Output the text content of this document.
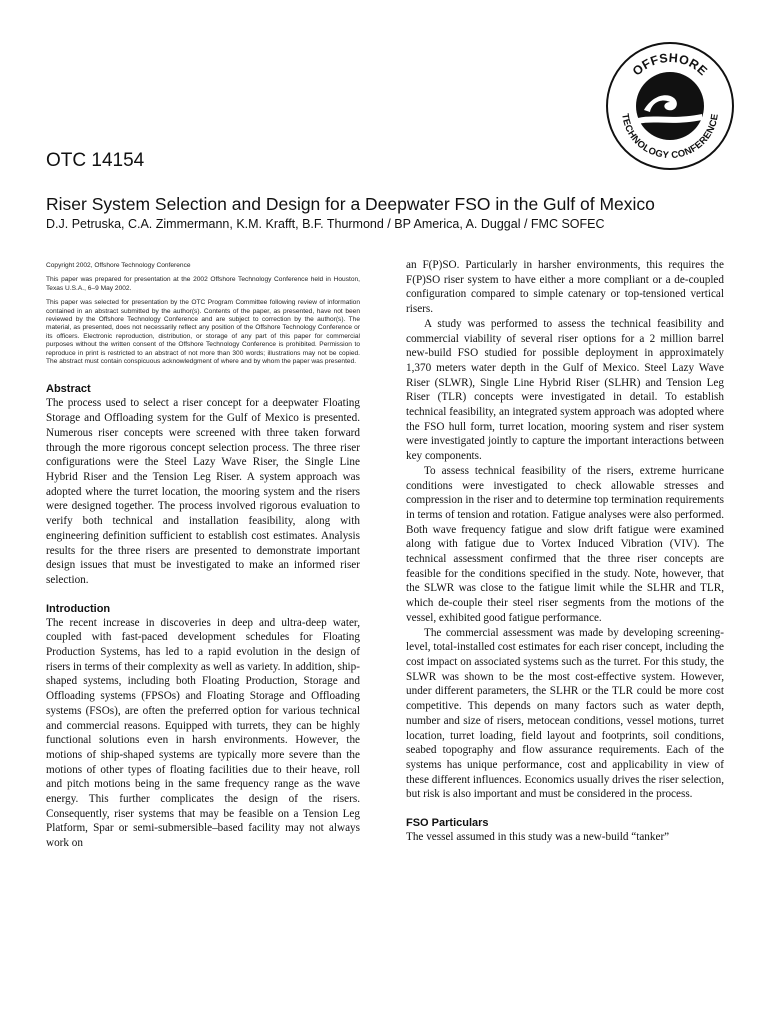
OFFSHORE
TECHNOLOGY CONFERENCE
OTC 14154
Riser System Selection and Design for a Deepwater FSO in the Gulf of Mexico
D.J. Petruska, C.A. Zimmermann, K.M. Krafft, B.F. Thurmond / BP America, A. Duggal / FMC SOFEC

Copyright 2002, Offshore Technology Conference

This paper was prepared for presentation at the 2002 Offshore Technology Conference held in Houston, Texas U.S.A., 6–9 May 2002.

This paper was selected for presentation by the OTC Program Committee following review of information contained in an abstract submitted by the author(s). Contents of the paper, as presented, have not been reviewed by the Offshore Technology Conference and are subject to correction by the author(s). The material, as presented, does not necessarily reflect any position of the Offshore Technology Conference or its officers. Electronic reproduction, distribution, or storage of any part of this paper for commercial purposes without the written consent of the Offshore Technology Conference is prohibited. Permission to reproduce in print is restricted to an abstract of not more than 300 words; illustrations may not be copied. The abstract must contain conspicuous acknowledgment of where and by whom the paper was presented.

Abstract

The process used to select a riser concept for a deepwater Floating Storage and Offloading system for the Gulf of Mexico is presented. Numerous riser concepts were screened with three taken forward through the more rigorous concept selection process. The three riser configurations were the Steel Lazy Wave Riser, the Single Line Hybrid Riser and the Tension Leg Riser. A system approach was adopted where the turret location, the mooring system and the risers were designed together. The process involved rigorous evaluation to verify both technical and installation feasibility, along with engineering definition sufficient to establish cost estimates. Analysis results for the three risers are presented to demonstrate important design issues that must be investigated to make an informed riser selection.

Introduction

The recent increase in discoveries in deep and ultra-deep water, coupled with fast-paced development schedules for Floating Production Systems, has led to a rapid evolution in the design of risers in terms of their complexity as well as variety. In addition, ship-shaped systems, including both Floating Production, Storage and Offloading systems (FPSOs) and Floating Storage and Offloading systems (FSOs), are often the preferred option for various technical and commercial reasons. Equipped with turrets, they can be highly functional solutions even in harsh environments. However, the motions of ship-shaped systems are typically more severe than the motions of other types of floating facilities due to their heave, roll and pitch motions being in the same frequency range as the wave energy. This further complicates the design of the risers. Consequently, riser systems that may be feasible on a Tension Leg Platform, Spar or semi-submersible–based facility may not always work on

an F(P)SO. Particularly in harsher environments, this requires the F(P)SO riser system to have either a more compliant or a de-coupled configuration compared to simple catenary or top-tensioned vertical risers.

A study was performed to assess the technical feasibility and commercial viability of several riser options for a 2 million barrel new-build FSO studied for possible deployment in approximately 1,370 meters water depth in the Gulf of Mexico. Steel Lazy Wave Riser (SLWR), Single Line Hybrid Riser (SLHR) and Tension Leg Riser (TLR) concepts were investigated in detail. To establish technical feasibility, an integrated system approach was adopted where the FSO hull form, turret location, mooring system and riser system were investigated jointly to capture the important interactions between key components.

To assess technical feasibility of the risers, extreme hurricane conditions were investigated to check allowable stresses and compression in the riser and to determine top termination requirements in terms of tension and rotation. Fatigue analyses were also performed. Both wave frequency fatigue and slow drift fatigue were examined along with fatigue due to Vortex Induced Vibration (VIV). The technical assessment confirmed that the three riser concepts are feasible for the conditions specified in the study. Note, however, that the SLWR was close to the fatigue limit while the SLHR and TLR, which de-couple their steel riser segments from the motions of the vessel, exhibited good fatigue performance.

The commercial assessment was made by developing screening-level, total-installed cost estimates for each riser concept, including the cost impact on associated systems such as the turret. For this study, the SLWR was shown to be the most cost-effective system. However, under different parameters, the SLHR or the TLR could be more cost competitive. This depends on many factors such as water depth, number and size of risers, metocean conditions, vessel motions, turret location, turret loading, field layout and footprints, soil conditions, seabed topography and flow assurance requirements. Each of the systems has unique performance, cost and applicability in view of these different influences. Economics usually drives the riser selection, but risk is also important and must be considered in the process.

FSO Particulars

The vessel assumed in this study was a new-build “tanker”
